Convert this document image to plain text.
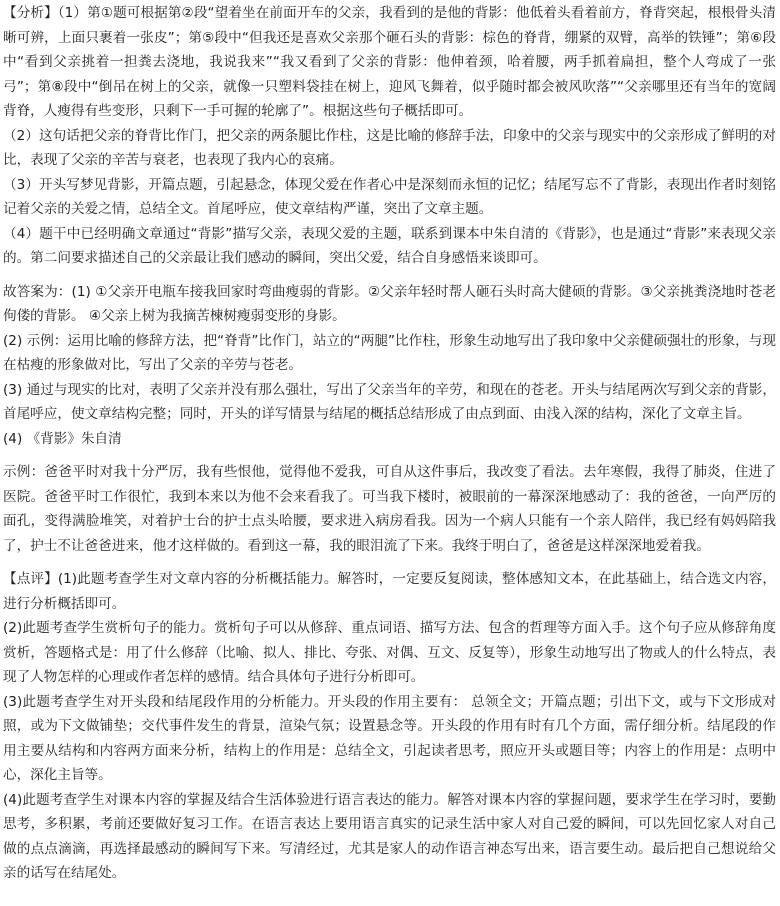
【分析】（1）第①题可根据第②段“望着坐在前面开车的父亲，我看到的是他的背影：他低着头看着前方，脊背突起，根根骨头清晰可辨，上面只裹着一张皮”；第⑤段中“但我还是喜欢父亲那个砸石头的背影：棕色的脊背，绷紧的双臂，高举的铁锤”；第⑥段中“看到父亲挑着一担粪去浇地，我说我来”“我又看到了父亲的背影：他伸着颈，哈着腰，两手抓着扁担，整个人弯成了一张弓”；第⑧段中“倒吊在树上的父亲，就像一只塑料袋挂在树上，迎风飞舞着，似乎随时都会被风吹落”“父亲哪里还有当年的宽阔背脊，人瘦得有些变形，只剩下一手可握的轮廓了”。根据这些句子概括即可。

（2）这句话把父亲的脊背比作门，把父亲的两条腿比作柱，这是比喻的修辞手法，印象中的父亲与现实中的父亲形成了鲜明的对比，表现了父亲的辛苦与衰老，也表现了我内心的哀痛。

（3）开头写梦见背影，开篇点题，引起悬念，体现父爱在作者心中是深刻而永恒的记忆；结尾写忘不了背影，表现出作者时刻铭记着父亲的关爱之情，总结全文。首尾呼应，使文章结构严谨，突出了文章主题。

（4）题干中已经明确文章通过“背影”描写父亲，表现父爱的主题，联系到课本中朱自清的《背影》，也是通过“背影”来表现父亲的。第二问要求描述自己的父亲最让我们感动的瞬间，突出父爱，结合自身感悟来谈即可。

故答案为：(1) ①父亲开电瓶车接我回家时弯曲瘦弱的背影。②父亲年轻时帮人砸石头时高大健硕的背影。③父亲挑粪浇地时苍老佝偻的背影。 ④父亲上树为我摘苦楝树瘦弱变形的身影。

(2) 示例：运用比喻的修辞方法，把“脊背”比作门，站立的“两腿”比作柱，形象生动地写出了我印象中父亲健硕强壮的形象，与现在枯瘦的形象做对比，写出了父亲的辛劳与苍老。

(3) 通过与现实的比对，表明了父亲并没有那么强壮，写出了父亲当年的辛劳，和现在的苍老。开头与结尾两次写到父亲的背影，首尾呼应，使文章结构完整；同时，开头的详写情景与结尾的概括总结形成了由点到面、由浅入深的结构，深化了文章主旨。

(4) 《背影》朱自清

示例：爸爸平时对我十分严厉，我有些恨他，觉得他不爱我，可自从这件事后，我改变了看法。去年寒假，我得了肺炎，住进了医院。爸爸平时工作很忙，我到本来以为他不会来看我了。可当我下楼时，被眼前的一幕深深地感动了：我的爸爸，一向严厉的面孔，变得满脸堆笑，对着护士台的护士点头哈腰，要求进入病房看我。因为一个病人只能有一个亲人陪伴，我已经有妈妈陪我了，护士不让爸爸进来，他才这样做的。看到这一幕，我的眼泪流了下来。我终于明白了，爸爸是这样深深地爱着我。

【点评】(1)此题考查学生对文章内容的分析概括能力。解答时，一定要反复阅读，整体感知文本，在此基础上，结合选文内容，进行分析概括即可。

(2)此题考查学生赏析句子的能力。赏析句子可以从修辞、重点词语、描写方法、包含的哲理等方面入手。这个句子应从修辞角度赏析，答题格式是：用了什么修辞（比喻、拟人、排比、夸张、对偶、互文、反复等），形象生动地写出了物或人的什么特点，表现了人物怎样的心理或作者怎样的感情。结合具体句子进行分析即可。

(3)此题考查学生对开头段和结尾段作用的分析能力。开头段的作用主要有： 总领全文；开篇点题；引出下文，或与下文形成对照，或为下文做铺垫；交代事件发生的背景，渲染气氛；设置悬念等。开头段的作用有时有几个方面，需仔细分析。结尾段的作用主要从结构和内容两方面来分析，结构上的作用是：总结全文，引起读者思考，照应开头或题目等；内容上的作用是：点明中心，深化主旨等。

(4)此题考查学生对课本内容的掌握及结合生活体验进行语言表达的能力。解答对课本内容的掌握问题，要求学生在学习时，要勤思考，多积累，考前还要做好复习工作。在语言表达上要用语言真实的记录生活中家人对自己爱的瞬间，可以先回忆家人对自己做的点点滴滴，再选择最感动的瞬间写下来。写清经过，尤其是家人的动作语言神态写出来，语言要生动。最后把自己想说给父亲的话写在结尾处。
